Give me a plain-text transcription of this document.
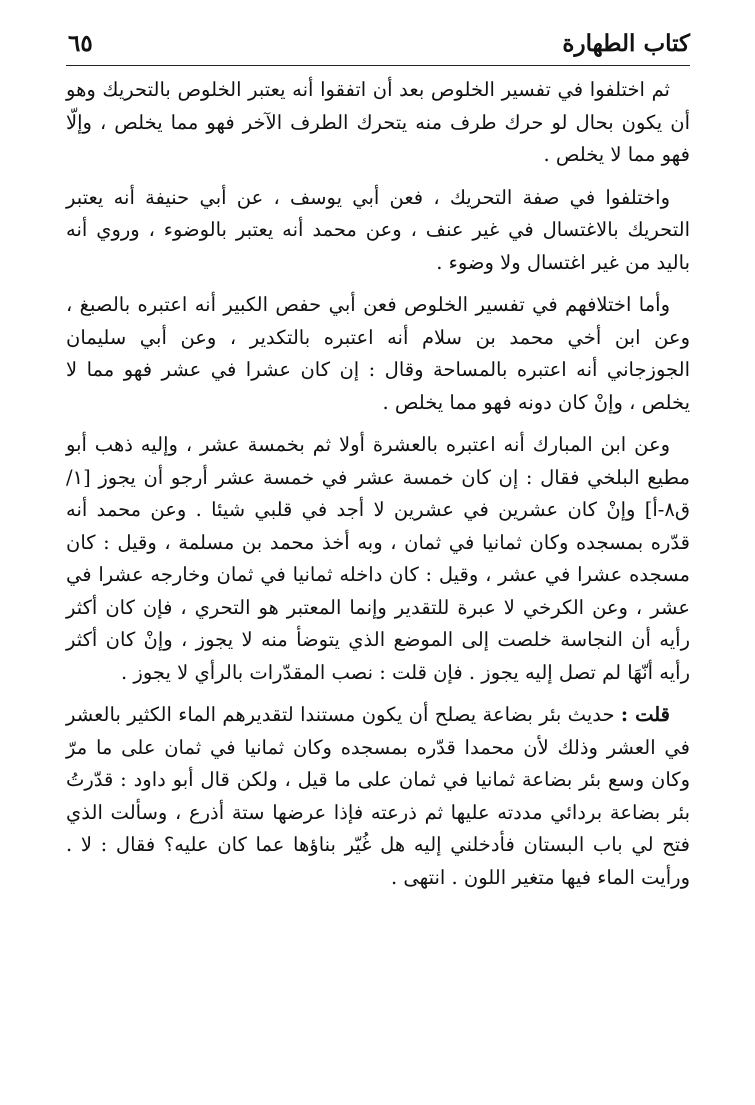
كتاب الطهارة
٦٥

ثم اختلفوا في تفسير الخلوص بعد أن اتفقوا أنه يعتبر الخلوص بالتحريك وهو أن يكون بحال لو حرك طرف منه يتحرك الطرف الآخر فهو مما يخلص ، وإلّا فهو مما لا يخلص .

واختلفوا في صفة التحريك ، فعن أبي يوسف ، عن أبي حنيفة أنه يعتبر التحريك بالاغتسال في غير عنف ، وعن محمد أنه يعتبر بالوضوء ، وروي أنه باليد من غير اغتسال ولا وضوء .

وأما اختلافهم في تفسير الخلوص فعن أبي حفص الكبير أنه اعتبره بالصبغ ، وعن ابن أخي محمد بن سلام أنه اعتبره بالتكدير ، وعن أبي سليمان الجوزجاني أنه اعتبره بالمساحة وقال : إن كان عشرا في عشر فهو مما لا يخلص ، وإنْ كان دونه فهو مما يخلص .

وعن ابن المبارك أنه اعتبره بالعشرة أولا ثم بخمسة عشر ، وإليه ذهب أبو مطيع البلخي فقال : إن كان خمسة عشر في خمسة عشر أرجو أن يجوز [١/ق٨-أ] وإنْ كان عشرين في عشرين لا أجد في قلبي شيئا . وعن محمد أنه قدّره بمسجده وكان ثمانيا في ثمان ، وبه أخذ محمد بن مسلمة ، وقيل : كان مسجده عشرا في عشر ، وقيل : كان داخله ثمانيا في ثمان وخارجه عشرا في عشر ، وعن الكرخي لا عبرة للتقدير وإنما المعتبر هو التحري ، فإن كان أكثر رأيه أن النجاسة خلصت إلى الموضع الذي يتوضأ منه لا يجوز ، وإنْ كان أكثر رأيه أنّهَا لم تصل إليه يجوز . فإن قلت : نصب المقدّرات بالرأي لا يجوز .

قلت : حديث بئر بضاعة يصلح أن يكون مستندا لتقديرهم الماء الكثير بالعشر في العشر وذلك لأن محمدا قدّره بمسجده وكان ثمانيا في ثمان على ما مرّ وكان وسع بئر بضاعة ثمانيا في ثمان على ما قيل ، ولكن قال أبو داود : قدّرتُ بئر بضاعة بردائي مددته عليها ثم ذرعته فإذا عرضها ستة أذرع ، وسألت الذي فتح لي باب البستان فأدخلني إليه هل غُيّر بناؤها عما كان عليه؟ فقال : لا . ورأيت الماء فيها متغير اللون . انتهى .
